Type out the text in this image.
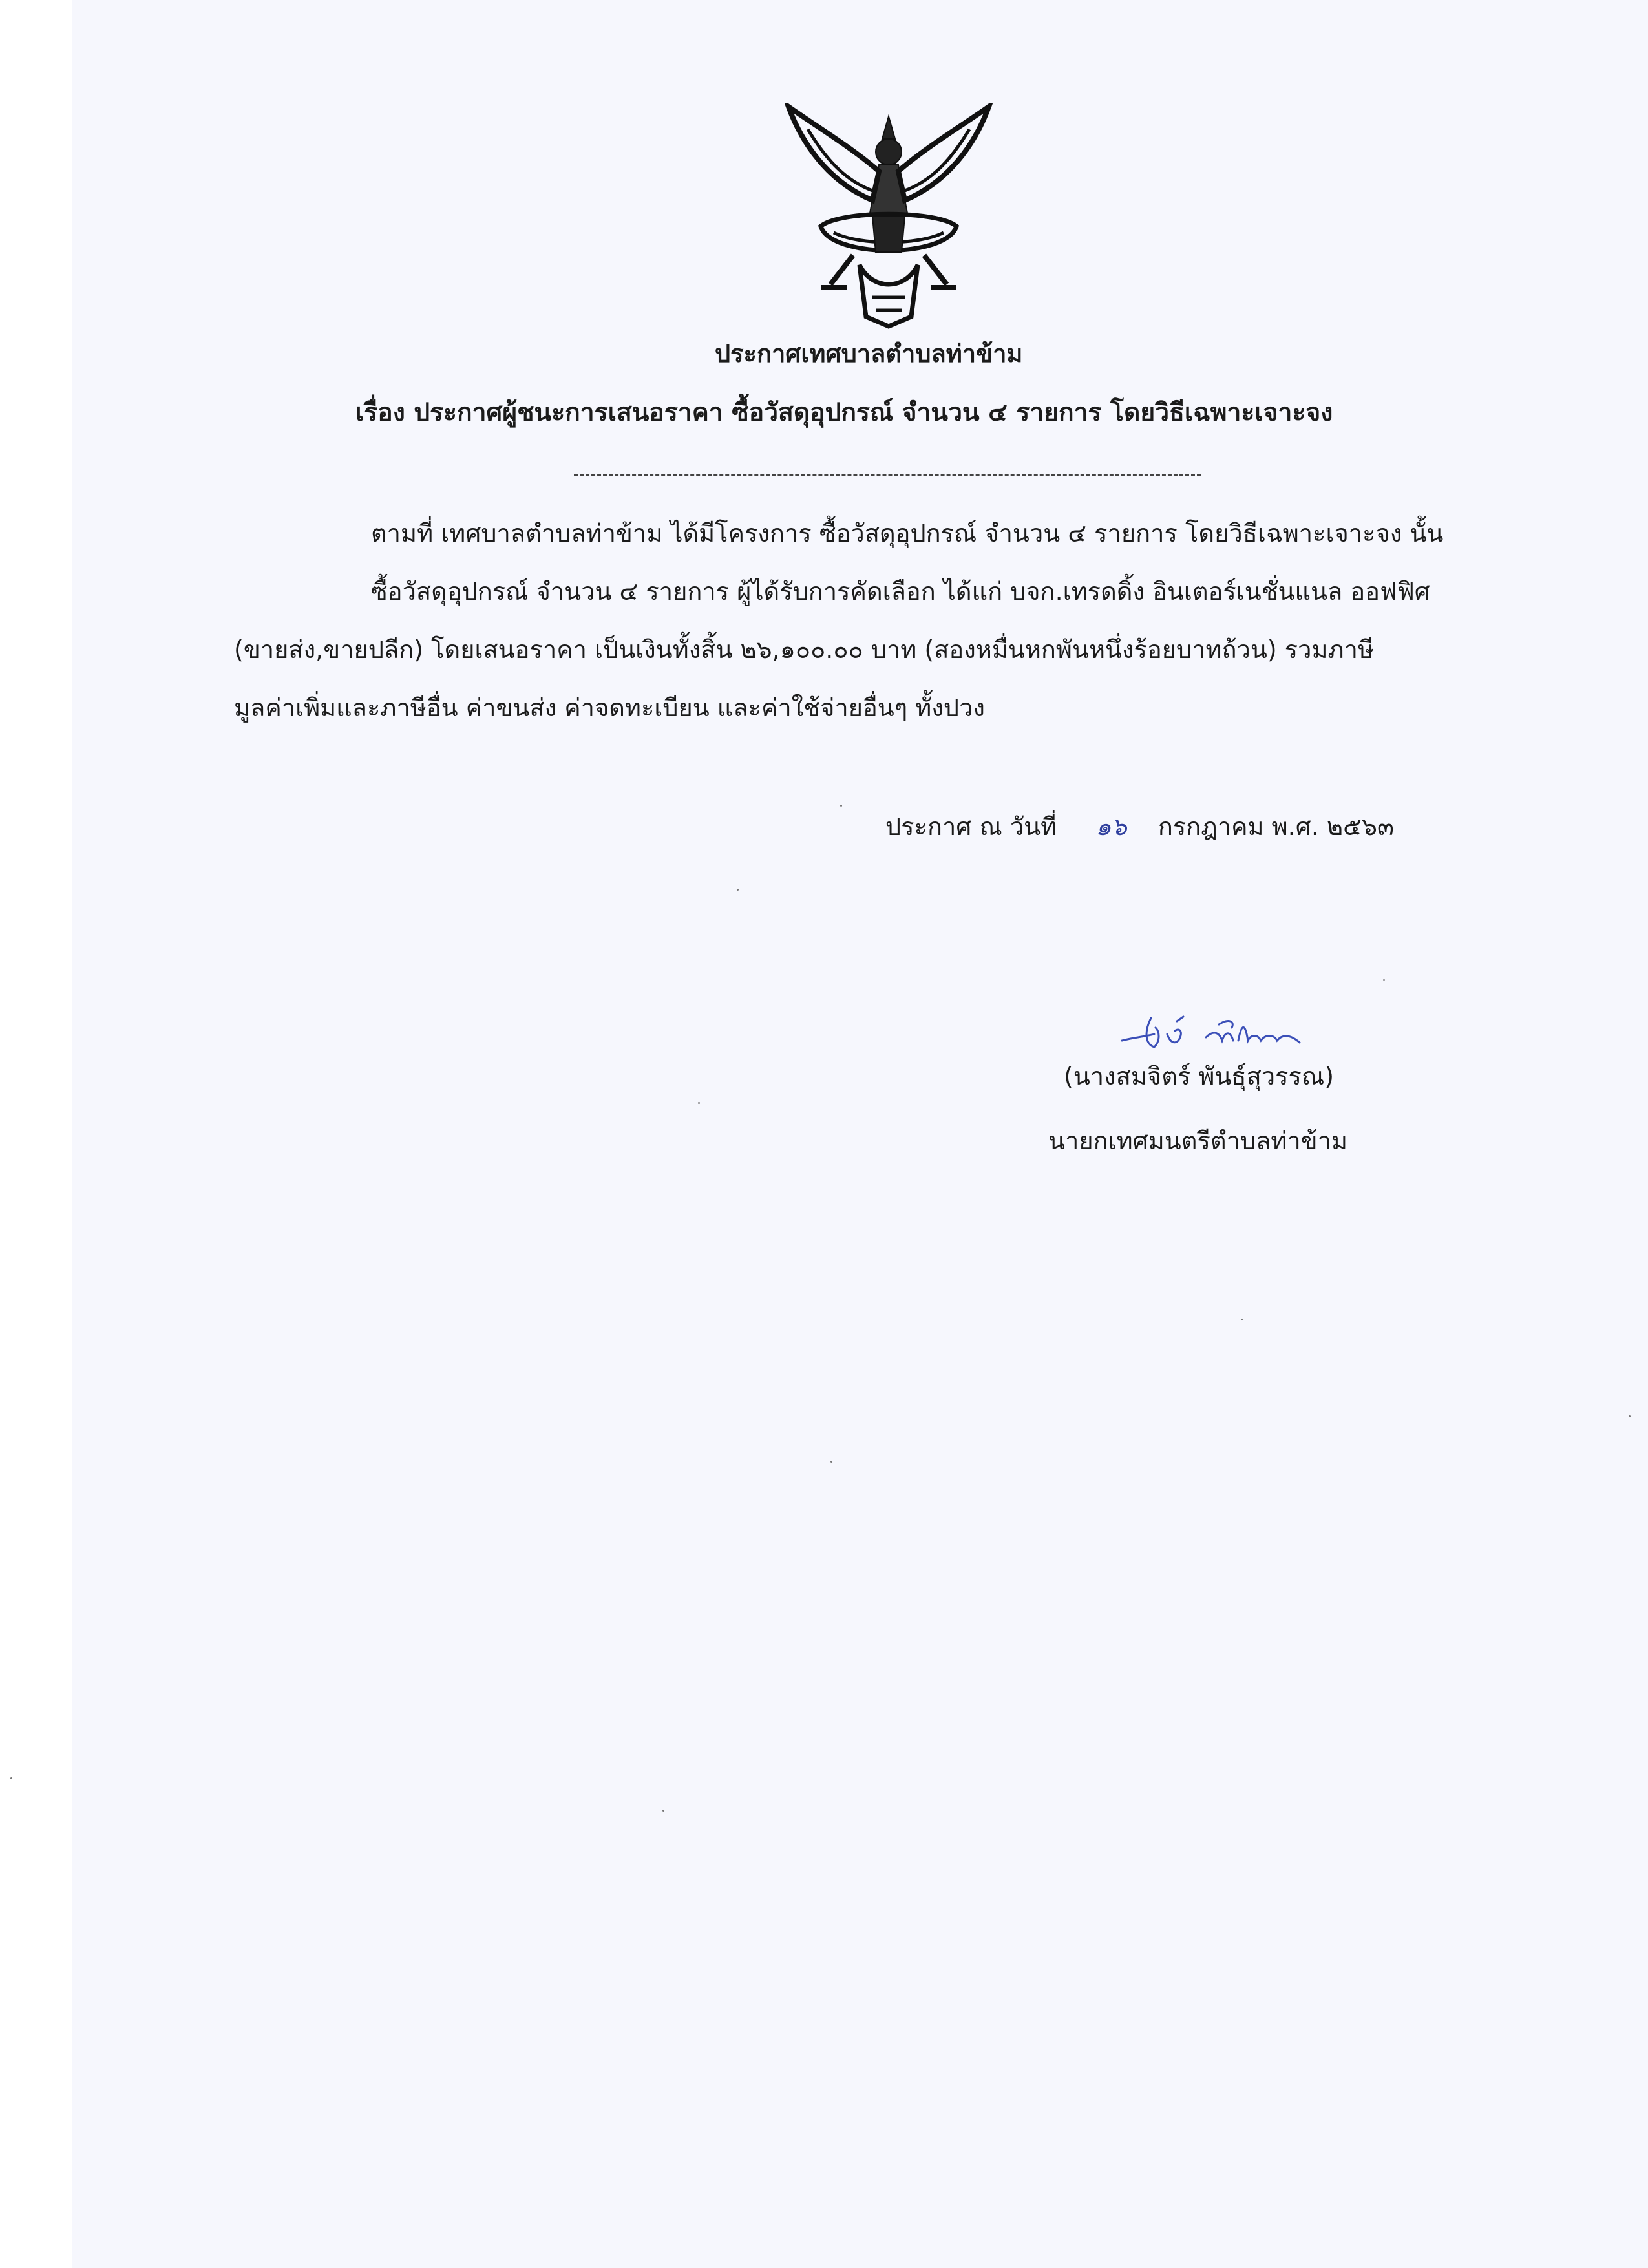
ประกาศเทศบาลตำบลท่าข้าม
เรื่อง ประกาศผู้ชนะการเสนอราคา ซื้อวัสดุอุปกรณ์ จำนวน ๔ รายการ โดยวิธีเฉพาะเจาะจง
ตามที่ เทศบาลตำบลท่าข้าม ได้มีโครงการ ซื้อวัสดุอุปกรณ์ จำนวน ๔ รายการ โดยวิธีเฉพาะเจาะจง นั้น
ซื้อวัสดุอุปกรณ์ จำนวน ๔ รายการ ผู้ได้รับการคัดเลือก ได้แก่ บจก.เทรดดิ้ง อินเตอร์เนชั่นแนล ออฟฟิศ
(ขายส่ง,ขายปลีก) โดยเสนอราคา เป็นเงินทั้งสิ้น ๒๖,๑๐๐.๐๐ บาท (สองหมื่นหกพันหนึ่งร้อยบาทถ้วน) รวมภาษี
มูลค่าเพิ่มและภาษีอื่น ค่าขนส่ง ค่าจดทะเบียน และค่าใช้จ่ายอื่นๆ ทั้งปวง
ประกาศ ณ วันที่ ๑๖ กรกฎาคม พ.ศ. ๒๕๖๓
(นางสมจิตร์ พันธุ์สุวรรณ)
นายกเทศมนตรีตำบลท่าข้าม
